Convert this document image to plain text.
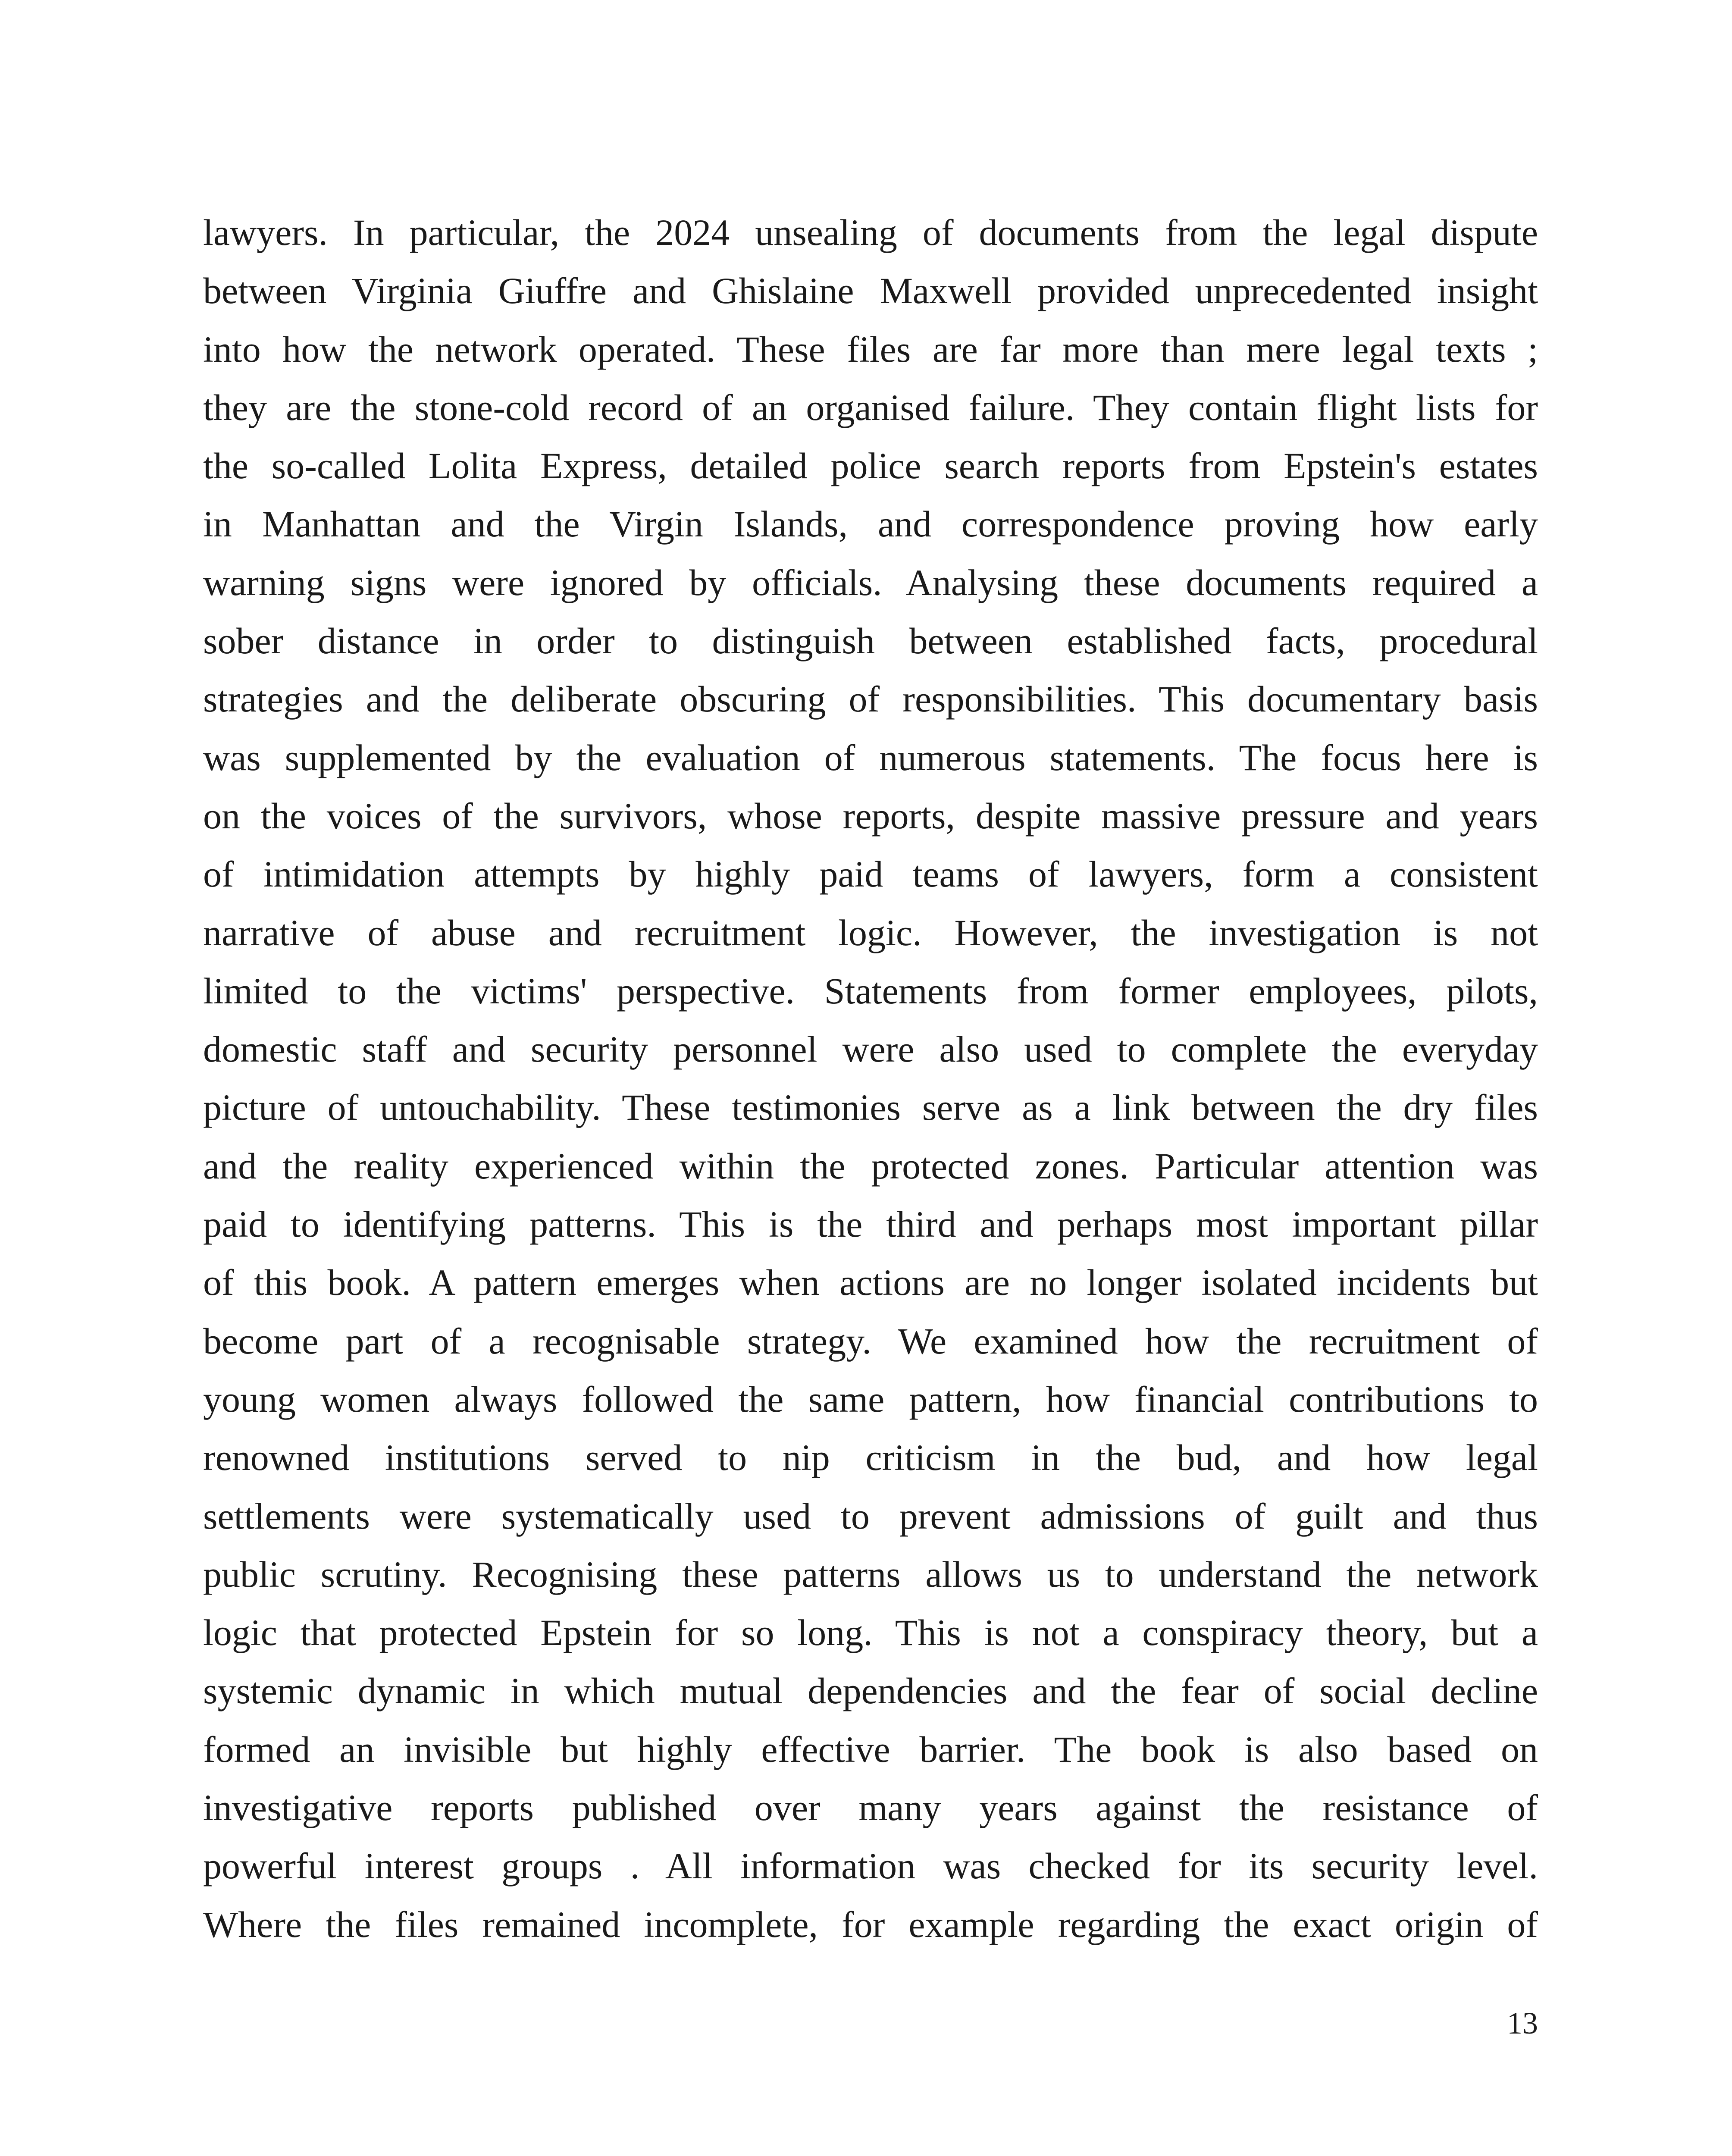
lawyers. In particular, the 2024 unsealing of documents from the legal dispute
between Virginia Giuffre and Ghislaine Maxwell provided unprecedented insight
into how the network operated. These files are far more than mere legal texts ;
they are the stone-cold record of an organised failure. They contain flight lists for
the so-called Lolita Express, detailed police search reports from Epstein's estates
in Manhattan and the Virgin Islands, and correspondence proving how early
warning signs were ignored by officials. Analysing these documents required a
sober distance in order to distinguish between established facts, procedural
strategies and the deliberate obscuring of responsibilities. This documentary basis
was supplemented by the evaluation of numerous statements. The focus here is
on the voices of the survivors, whose reports, despite massive pressure and years
of intimidation attempts by highly paid teams of lawyers, form a consistent
narrative of abuse and recruitment logic. However, the investigation is not
limited to the victims' perspective. Statements from former employees, pilots,
domestic staff and security personnel were also used to complete the everyday
picture of untouchability. These testimonies serve as a link between the dry files
and the reality experienced within the protected zones. Particular attention was
paid to identifying patterns. This is the third and perhaps most important pillar
of this book. A pattern emerges when actions are no longer isolated incidents but
become part of a recognisable strategy. We examined how the recruitment of
young women always followed the same pattern, how financial contributions to
renowned institutions served to nip criticism in the bud, and how legal
settlements were systematically used to prevent admissions of guilt and thus
public scrutiny. Recognising these patterns allows us to understand the network
logic that protected Epstein for so long. This is not a conspiracy theory, but a
systemic dynamic in which mutual dependencies and the fear of social decline
formed an invisible but highly effective barrier. The book is also based on
investigative reports published over many years against the resistance of
powerful interest groups . All information was checked for its security level.
Where the files remained incomplete, for example regarding the exact origin of
13
